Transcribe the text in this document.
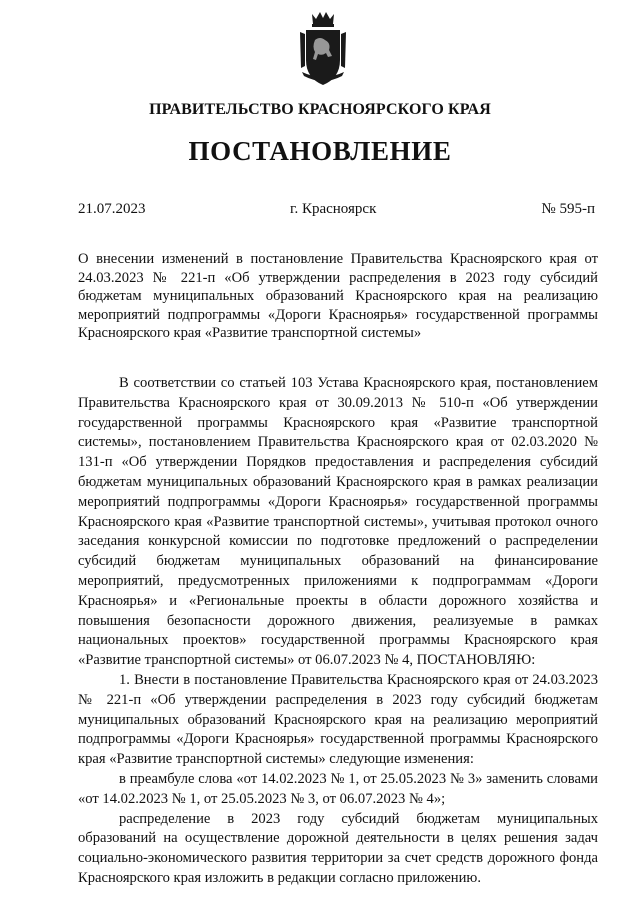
ПРАВИТЕЛЬСТВО КРАСНОЯРСКОГО КРАЯ
ПОСТАНОВЛЕНИЕ
21.07.2023	г. Красноярск	№ 595-п
О внесении изменений в постановление Правительства Красноярского края от 24.03.2023 № 221-п «Об утверждении распределения в 2023 году субсидий бюджетам муниципальных образований Красноярского края на реализацию мероприятий подпрограммы «Дороги Красноярья» государственной программы Красноярского края «Развитие транспортной системы»

В соответствии со статьей 103 Устава Красноярского края, постановлением Правительства Красноярского края от 30.09.2013 № 510-п «Об утверждении государственной программы Красноярского края «Развитие транспортной системы», постановлением Правительства Красноярского края от 02.03.2020 № 131-п «Об утверждении Порядков предоставления и распределения субсидий бюджетам муниципальных образований Красноярского края в рамках реализации мероприятий подпрограммы «Дороги Красноярья» государственной программы Красноярского края «Развитие транспортной системы», учитывая протокол очного заседания конкурсной комиссии по подготовке предложений о распределении субсидий бюджетам муниципальных образований на финансирование мероприятий, предусмотренных приложениями к подпрограммам «Дороги Красноярья» и «Региональные проекты в области дорожного хозяйства и повышения безопасности дорожного движения, реализуемые в рамках национальных проектов» государственной программы Красноярского края «Развитие транспортной системы» от 06.07.2023 № 4, ПОСТАНОВЛЯЮ:

1. Внести в постановление Правительства Красноярского края от 24.03.2023 № 221-п «Об утверждении распределения в 2023 году субсидий бюджетам муниципальных образований Красноярского края на реализацию мероприятий подпрограммы «Дороги Красноярья» государственной программы Красноярского края «Развитие транспортной системы» следующие изменения:

в преамбуле слова «от 14.02.2023 № 1, от 25.05.2023 № 3» заменить словами «от 14.02.2023 № 1, от 25.05.2023 № 3, от 06.07.2023 № 4»;

распределение в 2023 году субсидий бюджетам муниципальных образований на осуществление дорожной деятельности в целях решения задач социально-экономического развития территории за счет средств дорожного фонда Красноярского края изложить в редакции согласно приложению.
